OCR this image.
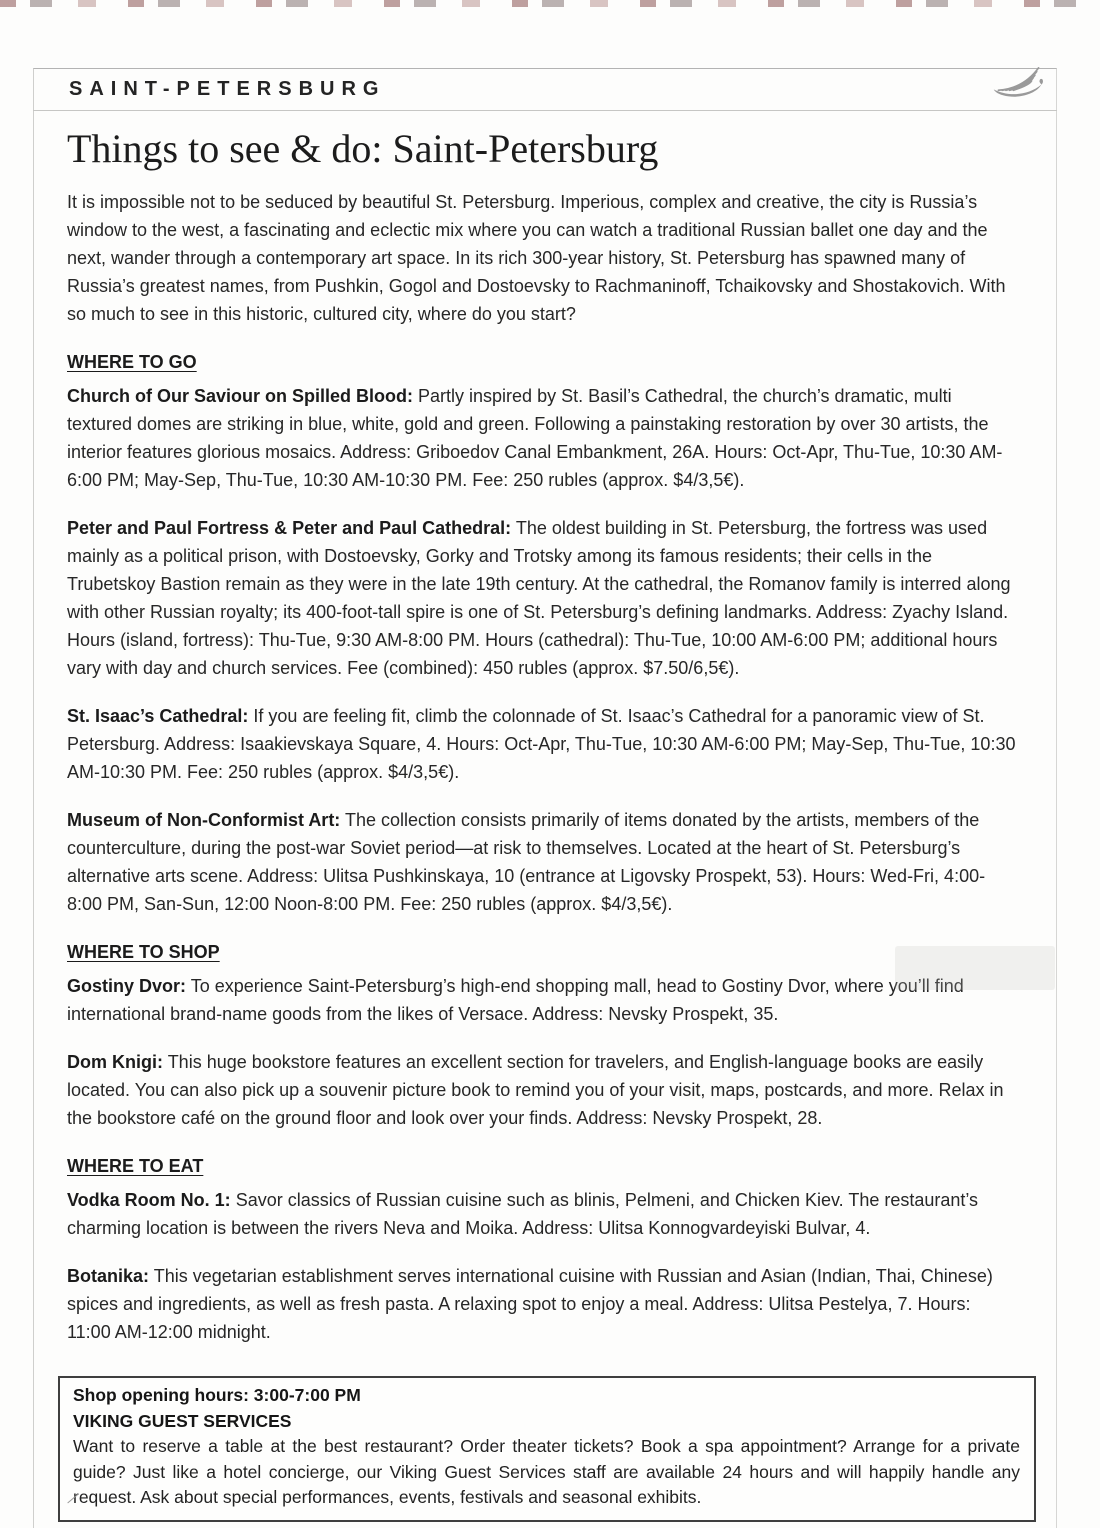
SAINT-PETERSBURG
Things to see & do: Saint-Petersburg

It is impossible not to be seduced by beautiful St. Petersburg. Imperious, complex and creative, the city is Russia’s window to the west, a fascinating and eclectic mix where you can watch a traditional Russian ballet one day and the next, wander through a contemporary art space. In its rich 300-year history, St. Petersburg has spawned many of Russia’s greatest names, from Pushkin, Gogol and Dostoevsky to Rachmaninoff, Tchaikovsky and Shostakovich. With so much to see in this historic, cultured city, where do you start?

WHERE TO GO

Church of Our Saviour on Spilled Blood: Partly inspired by St. Basil’s Cathedral, the church’s dramatic, multi textured domes are striking in blue, white, gold and green. Following a painstaking restoration by over 30 artists, the interior features glorious mosaics. Address: Griboedov Canal Embankment, 26A. Hours: Oct-Apr, Thu-Tue, 10:30 AM-6:00 PM; May-Sep, Thu-Tue, 10:30 AM-10:30 PM. Fee: 250 rubles (approx. $4/3,5€).

Peter and Paul Fortress & Peter and Paul Cathedral: The oldest building in St. Petersburg, the fortress was used mainly as a political prison, with Dostoevsky, Gorky and Trotsky among its famous residents; their cells in the Trubetskoy Bastion remain as they were in the late 19th century. At the cathedral, the Romanov family is interred along with other Russian royalty; its 400-foot-tall spire is one of St. Petersburg’s defining landmarks. Address: Zyachy Island. Hours (island, fortress): Thu-Tue, 9:30 AM-8:00 PM. Hours (cathedral): Thu-Tue, 10:00 AM-6:00 PM; additional hours vary with day and church services. Fee (combined): 450 rubles (approx. $7.50/6,5€).

St. Isaac’s Cathedral: If you are feeling fit, climb the colonnade of St. Isaac’s Cathedral for a panoramic view of St. Petersburg. Address: Isaakievskaya Square, 4. Hours: Oct-Apr, Thu-Tue, 10:30 AM-6:00 PM; May-Sep, Thu-Tue, 10:30 AM-10:30 PM. Fee: 250 rubles (approx. $4/3,5€).

Museum of Non-Conformist Art: The collection consists primarily of items donated by the artists, members of the counterculture, during the post-war Soviet period—at risk to themselves. Located at the heart of St. Petersburg’s alternative arts scene. Address: Ulitsa Pushkinskaya, 10 (entrance at Ligovsky Prospekt, 53). Hours: Wed-Fri, 4:00-8:00 PM, San-Sun, 12:00 Noon-8:00 PM. Fee: 250 rubles (approx. $4/3,5€).

WHERE TO SHOP

Gostiny Dvor: To experience Saint-Petersburg’s high-end shopping mall, head to Gostiny Dvor, where you’ll find international brand-name goods from the likes of Versace. Address: Nevsky Prospekt, 35.

Dom Knigi: This huge bookstore features an excellent section for travelers, and English-language books are easily located. You can also pick up a souvenir picture book to remind you of your visit, maps, postcards, and more. Relax in the bookstore café on the ground floor and look over your finds. Address: Nevsky Prospekt, 28.

WHERE TO EAT

Vodka Room No. 1: Savor classics of Russian cuisine such as blinis, Pelmeni, and Chicken Kiev. The restaurant’s charming location is between the rivers Neva and Moika. Address: Ulitsa Konnogvardeyiski Bulvar, 4.

Botanika: This vegetarian establishment serves international cuisine with Russian and Asian (Indian, Thai, Chinese) spices and ingredients, as well as fresh pasta. A relaxing spot to enjoy a meal. Address: Ulitsa Pestelya, 7. Hours: 11:00 AM-12:00 midnight.

Shop opening hours: 3:00-7:00 PM
VIKING GUEST SERVICES
Want to reserve a table at the best restaurant? Order theater tickets? Book a spa appointment? Arrange for a private guide? Just like a hotel concierge, our Viking Guest Services staff are available 24 hours and will happily handle any request. Ask about special performances, events, festivals and seasonal exhibits.
